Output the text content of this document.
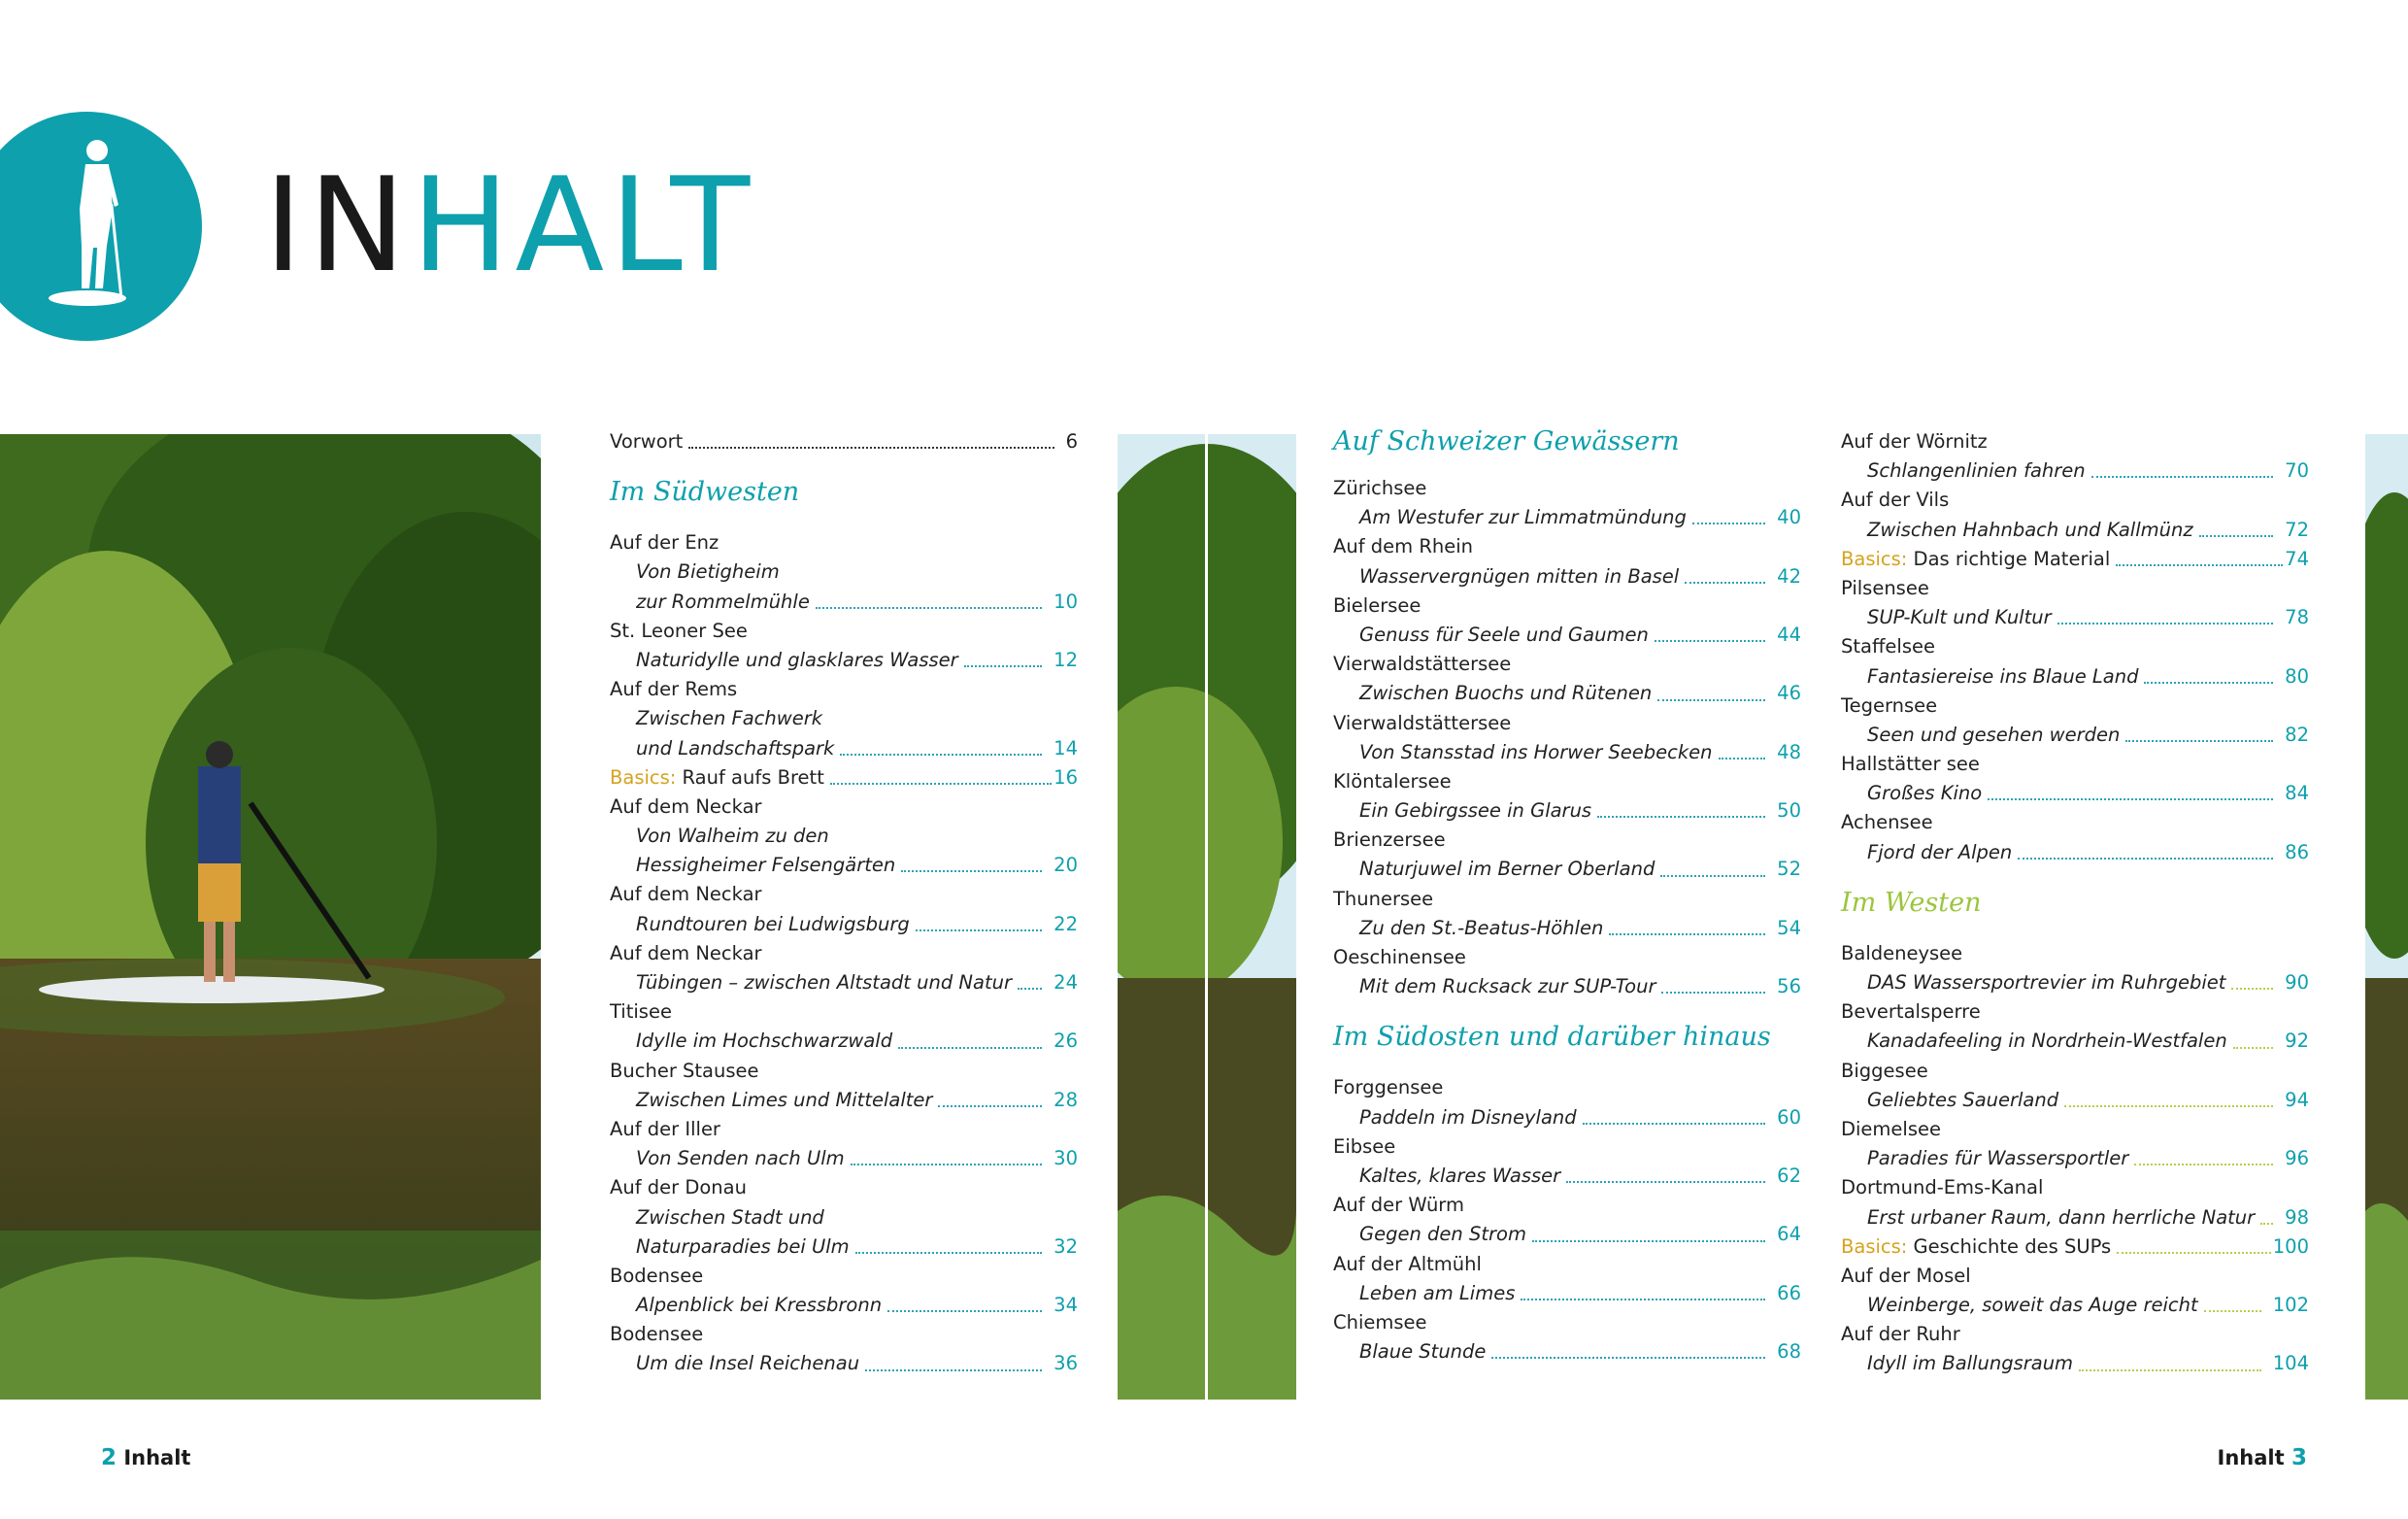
INHALT
Vorwort	6
Im Südwesten
Auf der Enz
Von Bietigheim
zur Rommelmühle	10
St. Leoner See
Naturidylle und glasklares Wasser	12
Auf der Rems
Zwischen Fachwerk
und Landschaftspark	14
Basics: Rauf aufs Brett	16
Auf dem Neckar
Von Walheim zu den
Hessigheimer Felsengärten	20
Auf dem Neckar
Rundtouren bei Ludwigsburg	22
Auf dem Neckar
Tübingen – zwischen Altstadt und Natur 24
Titisee
Idylle im Hochschwarzwald	26
Bucher Stausee
Zwischen Limes und Mittelalter	28
Auf der Iller
Von Senden nach Ulm	30
Auf der Donau
Zwischen Stadt und
Naturparadies bei Ulm	32
Bodensee
Alpenblick bei Kressbronn	34
Bodensee
Um die Insel Reichenau	36
Auf Schweizer Gewässern
Zürichsee
Am Westufer zur Limmatmündung	40
Auf dem Rhein
Wasservergnügen mitten in Basel	42
Bielersee
Genuss für Seele und Gaumen	44
Vierwaldstättersee
Zwischen Buochs und Rütenen	46
Vierwaldstättersee
Von Stansstad ins Horwer Seebecken	48
Klöntalersee
Ein Gebirgssee in Glarus	50
Brienzersee
Naturjuwel im Berner Oberland	52
Thunersee
Zu den St.-Beatus-Höhlen	54
Oeschinensee
Mit dem Rucksack zur SUP-Tour	56
Im Südosten und darüber hinaus
Forggensee
Paddeln im Disneyland	60
Eibsee
Kaltes, klares Wasser	62
Auf der Würm
Gegen den Strom	64
Auf der Altmühl
Leben am Limes	66
Chiemsee
Blaue Stunde	68
Auf der Wörnitz
Schlangenlinien fahren	70
Auf der Vils
Zwischen Hahnbach und Kallmünz	72
Basics: Das richtige Material	74
Pilsensee
SUP-Kult und Kultur	78
Staffelsee
Fantasiereise ins Blaue Land	80
Tegernsee
Seen und gesehen werden	82
Hallstätter see
Großes Kino	84
Achensee
Fjord der Alpen	86
Im Westen
Baldeneysee
DAS Wassersportrevier im Ruhrgebiet	90
Bevertalsperre
Kanadafeeling in Nordrhein-Westfalen	92
Biggesee
Geliebtes Sauerland	94
Diemelsee
Paradies für Wassersportler	96
Dortmund-Ems-Kanal
Erst urbaner Raum, dann herrliche Natur 98
Basics: Geschichte des SUPs	100
Auf der Mosel
Weinberge, soweit das Auge reicht	102
Auf der Ruhr
Idyll im Ballungsraum	104
2 Inhalt	Inhalt 3
